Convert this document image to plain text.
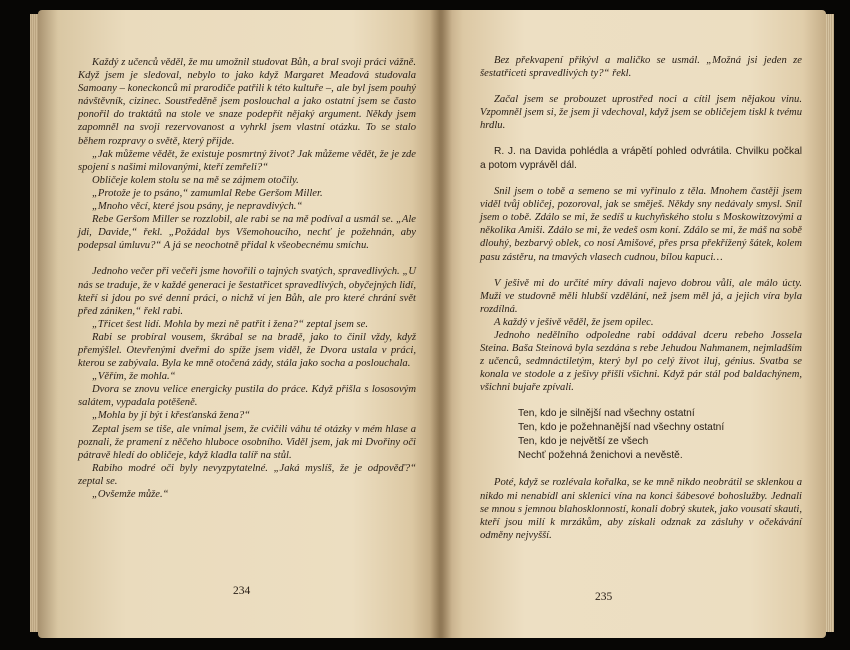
Každý z učenců věděl, že mu umožnil studovat Bůh, a bral svoji práci vážně. Když jsem je sledoval, nebylo to jako když Margaret Meadová studovala Samoany – koneckonců mi prarodiče patřili k této kultuře –, ale byl jsem pouhý návštěvník, cizinec. Soustředěně jsem poslouchal a jako ostatní jsem se často ponořil do traktátů na stole ve snaze podepřít nějaký argument. Někdy jsem zapomněl na svoji rezervovanost a vyhrkl jsem vlastní otázku. To se stalo během rozpravy o světě, který přijde.

„Jak můžeme vědět, že existuje posmrtný život? Jak můžeme vědět, že je zde spojení s našimi milovanými, kteří zemřeli?“

Obličeje kolem stolu se na mě se zájmem otočily.

„Protože je to psáno,“ zamumlal Rebe Geršom Miller.

„Mnoho věcí, které jsou psány, je nepravdivých.“

Rebe Geršom Miller se rozzlobil, ale rabi se na mě podíval a usmál se. „Ale jdi, Davide,“ řekl. „Požádal bys Všemohoucího, nechť je požehnán, aby podepsal úmluvu?“ A já se neochotně přidal k všeobecnému smíchu.

Jednoho večer při večeři jsme hovořili o tajných svatých, spravedlivých. „U nás se traduje, že v každé generaci je šestatřicet spravedlivých, obyčejných lidí, kteří si jdou po své denní práci, o nichž ví jen Bůh, ale pro které chrání svět před zániken,“ řekl rabi.

„Třicet šest lidí. Mohla by mezi ně patřit i žena?“ zeptal jsem se.

Rabi se probíral vousem, škrábal se na bradě, jako to činil vždy, když přemýšlel. Otevřenými dveřmi do spíže jsem viděl, že Dvora ustala v práci, kterou se zabývala. Byla ke mně otočená zády, stála jako socha a poslouchala.

„Věřím, že mohla.“

Dvora se znovu velice energicky pustila do práce. Když přišla s lososovým salátem, vypadala potěšeně.

„Mohla by jí být i křesťanská žena?“

Zeptal jsem se tiše, ale vnímal jsem, že cvičili váhu té otázky v mém hlase a poznali, že pramení z něčeho hluboce osobního. Viděl jsem, jak mi Dvořiny oči pátravě hledí do obličeje, když kladla talíř na stůl.

Rabiho modré oči byly nevyzpytatelné. „Jaká myslíš, že je odpověď?“ zeptal se.

„Ovšemže může.“

234

Bez překvapení přikývl a maličko se usmál. „Možná jsi jeden ze šestatřiceti spravedlivých ty?“ řekl.

Začal jsem se probouzet uprostřed noci a cítil jsem nějakou vinu. Vzpomněl jsem si, že jsem ji vdechoval, když jsem se obličejem tiskl k tvému hrdlu.

R. J. na Davida pohlédla a vrápětí pohled odvrátila. Chvilku počkal a potom vyprávěl dál.

Snil jsem o tobě a semeno se mi vyřinulo z těla. Mnohem častěji jsem viděl tvůj obličej, pozoroval, jak se směješ. Někdy sny nedávaly smysl. Snil jsem o tobě. Zdálo se mi, že sedíš u kuchyňského stolu s Moskowitzovými a několika Amiši. Zdálo se mi, že vedeš osm koní. Zdálo se mi, že máš na sobě dlouhý, bezbarvý oblek, co nosí Amišové, přes prsa překřížený šátek, kolem pasu zástěru, na tmavých vlasech cudnou, bílou kapuci…

V ješivě mi do určité míry dávali najevo dobrou vůli, ale málo úcty. Muži ve studovně měli hlubší vzdělání, než jsem měl já, a jejich víra byla rozdílná.

A každý v ješivě věděl, že jsem opilec.

Jednoho nedělního odpoledne rabi oddával dceru rebeho Jossela Steina. Baša Steinová byla sezdána s rebe Jehudou Nahmanem, nejmladším z učenců, sedmnáctiletým, který byl po celý život iluj, génius. Svatba se konala ve stodole a z ješivy přišli všichni. Když pár stál pod baldachýnem, všichni bujaře zpívali.

Ten, kdo je silnější nad všechny ostatní
Ten, kdo je požehnanější nad všechny ostatní
Ten, kdo je největší ze všech
Nechť požehná ženichovi a nevěstě.

Poté, když se rozlévala kořalka, se ke mně nikdo neobrátil se sklenkou a nikdo mi nenabídl ani sklenici vína na konci šábesové bohoslužby. Jednali se mnou s jemnou blahosklonností, konali dobrý skutek, jako vousatí skauti, kteří jsou milí k mrzákům, aby získali odznak za zásluhy v očekávání odměny nejvyšší.

235
